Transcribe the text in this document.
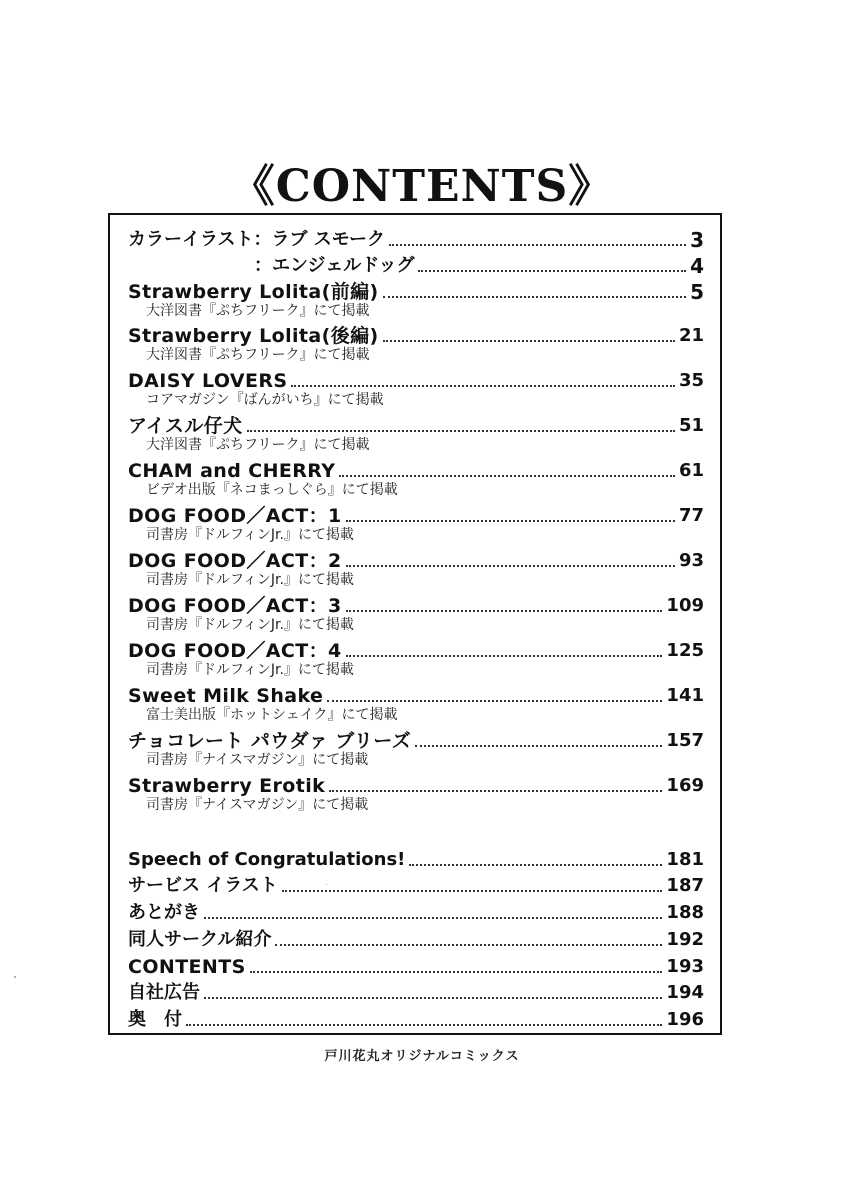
《CONTENTS》
カラーイラスト：ラブ スモーク	3
：エンジェルドッグ	4
Strawberry Lolita(前編)	5
大洋図書『ぷちフリーク』にて掲載
Strawberry Lolita(後編)	21
大洋図書『ぷちフリーク』にて掲載
DAISY LOVERS	35
コアマガジン『ばんがいち』にて掲載
アイスル仔犬	51
大洋図書『ぷちフリーク』にて掲載
CHAM and CHERRY	61
ビデオ出版『ネコまっしぐら』にて掲載
DOG FOOD／ACT：1	77
司書房『ドルフィンJr.』にて掲載
DOG FOOD／ACT：2	93
司書房『ドルフィンJr.』にて掲載
DOG FOOD／ACT：3	109
司書房『ドルフィンJr.』にて掲載
DOG FOOD／ACT：4	125
司書房『ドルフィンJr.』にて掲載
Sweet Milk Shake	141
富士美出版『ホットシェイク』にて掲載
チョコレート パウダァ ブリーズ	157
司書房『ナイスマガジン』にて掲載
Strawberry Erotik	169
司書房『ナイスマガジン』にて掲載
Speech of Congratulations!	181
サービス イラスト	187
あとがき	188
同人サークル紹介	192
CONTENTS	193
自社広告	194
奥　付	196
戸川花丸オリジナルコミックス
